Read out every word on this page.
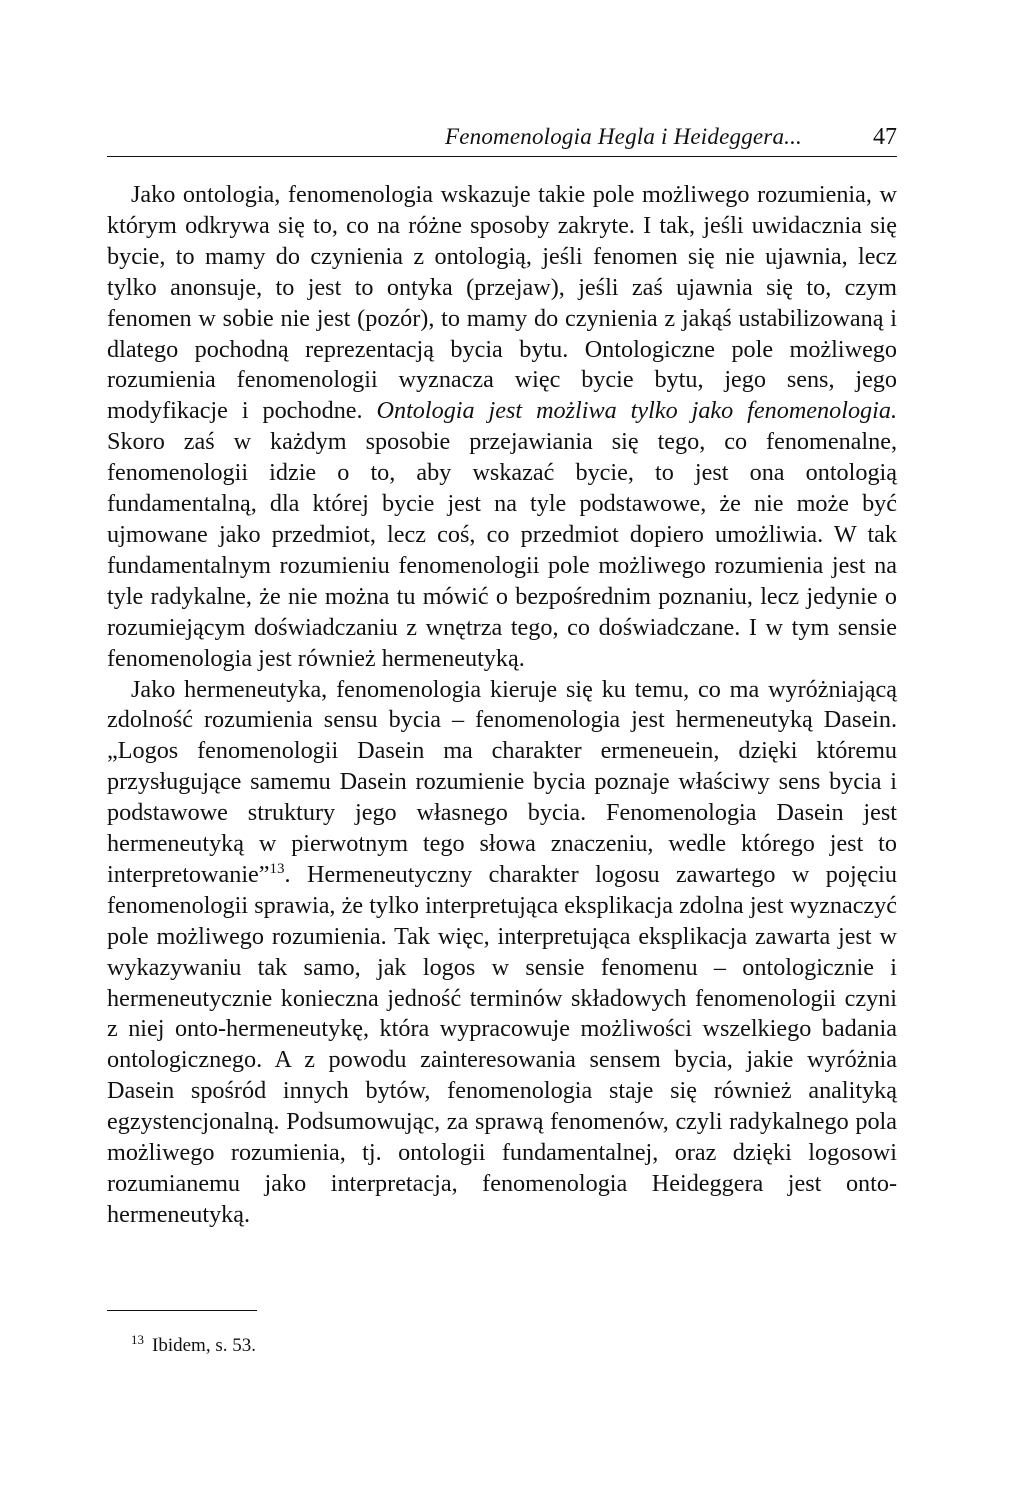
Fenomenologia Hegla i Heideggera...	47

Jako ontologia, fenomenologia wskazuje takie pole możliwego rozumienia, w którym odkrywa się to, co na różne sposoby zakryte. I tak, jeśli uwidacznia się bycie, to mamy do czynienia z ontologią, jeśli fenomen się nie ujawnia, lecz tylko anonsuje, to jest to ontyka (przejaw), jeśli zaś ujawnia się to, czym fenomen w sobie nie jest (pozór), to mamy do czynienia z jakąś ustabilizowaną i dlatego pochodną reprezentacją bycia bytu. Ontologiczne pole możliwego rozumienia fenomenologii wyznacza więc bycie bytu, jego sens, jego modyfikacje i pochodne. Ontologia jest możliwa tylko jako fenomenologia. Skoro zaś w każdym sposobie przejawiania się tego, co fenomenalne, fenomenologii idzie o to, aby wskazać bycie, to jest ona ontologią fundamentalną, dla której bycie jest na tyle podstawowe, że nie może być ujmowane jako przedmiot, lecz coś, co przedmiot dopiero umożliwia. W tak fundamentalnym rozumieniu fenomenologii pole możliwego rozumienia jest na tyle radykalne, że nie można tu mówić o bezpośrednim poznaniu, lecz jedynie o rozumiejącym doświadczaniu z wnętrza tego, co doświadczane. I w tym sensie fenomenologia jest również hermeneutyką.

Jako hermeneutyka, fenomenologia kieruje się ku temu, co ma wyróżniającą zdolność rozumienia sensu bycia – fenomenologia jest hermeneutyką Dasein. „Logos fenomenologii Dasein ma charakter ermeneuein, dzięki któremu przysługujące samemu Dasein rozumienie bycia poznaje właściwy sens bycia i podstawowe struktury jego własnego bycia. Fenomenologia Dasein jest hermeneutyką w pierwotnym tego słowa znaczeniu, wedle którego jest to interpretowanie”$^{13}$. Hermeneutyczny charakter logosu zawartego w pojęciu fenomenologii sprawia, że tylko interpretująca eksplikacja zdolna jest wyznaczyć pole możliwego rozumienia. Tak więc, interpretująca eksplikacja zawarta jest w wykazywaniu tak samo, jak logos w sensie fenomenu – ontologicznie i hermeneutycznie konieczna jedność terminów składowych fenomenologii czyni z niej onto-hermeneutykę, która wypracowuje możliwości wszelkiego badania ontologicznego. A z powodu zainteresowania sensem bycia, jakie wyróżnia Dasein spośród innych bytów, fenomenologia staje się również analityką egzystencjonalną. Podsumowując, za sprawą fenomenów, czyli radykalnego pola możliwego rozumienia, tj. ontologii fundamentalnej, oraz dzięki logosowi rozumianemu jako interpretacja, fenomenologia Heideggera jest onto-hermeneutyką.

$^{13}$ Ibidem, s. 53.
